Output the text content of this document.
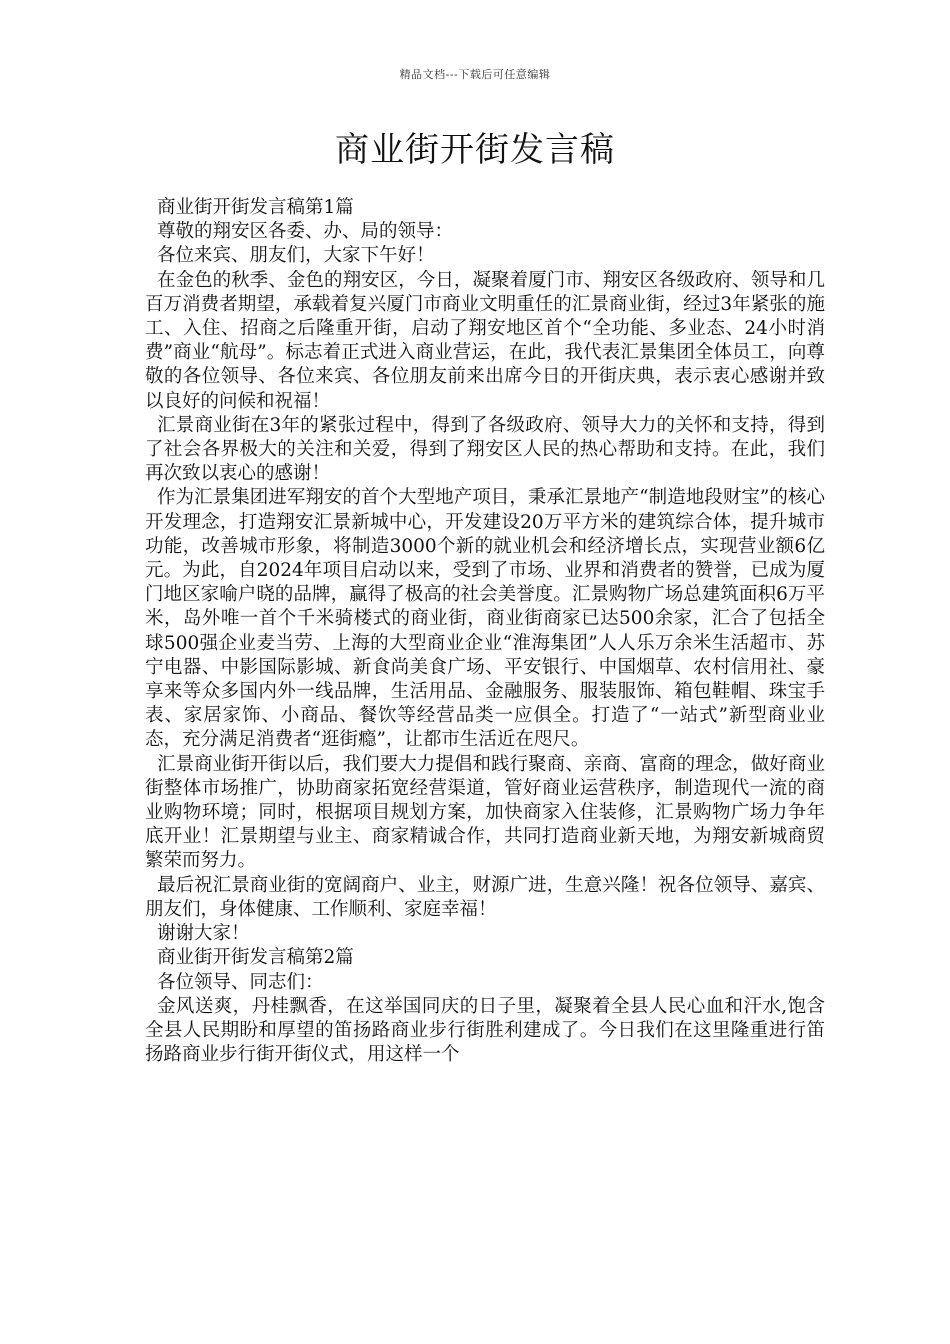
精品文档---下载后可任意编辑
商业街开街发言稿

商业街开街发言稿第1篇

尊敬的翔安区各委、办、局的领导：

各位来宾、朋友们，大家下午好！

在金色的秋季、金色的翔安区，今日，凝聚着厦门市、翔安区各级政府、领导和几百万消费者期望，承载着复兴厦门市商业文明重任的汇景商业街，经过3年紧张的施工、入住、招商之后隆重开街，启动了翔安地区首个“全功能、多业态、24小时消费”商业“航母”。标志着正式进入商业营运，在此，我代表汇景集团全体员工，向尊敬的各位领导、各位来宾、各位朋友前来出席今日的开街庆典，表示衷心感谢并致以良好的问候和祝福！

汇景商业街在3年的紧张过程中，得到了各级政府、领导大力的关怀和支持，得到了社会各界极大的关注和关爱，得到了翔安区人民的热心帮助和支持。在此，我们再次致以衷心的感谢！

作为汇景集团进军翔安的首个大型地产项目，秉承汇景地产“制造地段财宝”的核心开发理念，打造翔安汇景新城中心，开发建设20万平方米的建筑综合体，提升城市功能，改善城市形象，将制造3000个新的就业机会和经济增长点，实现营业额6亿元。为此，自2024年项目启动以来，受到了市场、业界和消费者的赞誉，已成为厦门地区家喻户晓的品牌，赢得了极高的社会美誉度。汇景购物广场总建筑面积6万平米，岛外唯一首个千米骑楼式的商业街，商业街商家已达500余家，汇合了包括全球500强企业麦当劳、上海的大型商业企业“淮海集团”人人乐万余米生活超市、苏宁电器、中影国际影城、新食尚美食广场、平安银行、中国烟草、农村信用社、豪享来等众多国内外一线品牌，生活用品、金融服务、服装服饰、箱包鞋帽、珠宝手表、家居家饰、小商品、餐饮等经营品类一应俱全。打造了“一站式”新型商业业态，充分满足消费者“逛街瘾”，让都市生活近在咫尺。

汇景商业街开街以后，我们要大力提倡和践行聚商、亲商、富商的理念，做好商业街整体市场推广，协助商家拓宽经营渠道，管好商业运营秩序，制造现代一流的商业购物环境；同时，根据项目规划方案，加快商家入住装修，汇景购物广场力争年底开业！汇景期望与业主、商家精诚合作，共同打造商业新天地，为翔安新城商贸繁荣而努力。

最后祝汇景商业街的宽阔商户、业主，财源广进，生意兴隆！祝各位领导、嘉宾、朋友们，身体健康、工作顺利、家庭幸福！

谢谢大家！

商业街开街发言稿第2篇

各位领导、同志们：

金风送爽，丹桂飘香，在这举国同庆的日子里，凝聚着全县人民心血和汗水,饱含全县人民期盼和厚望的笛扬路商业步行街胜利建成了。今日我们在这里隆重进行笛扬路商业步行街开街仪式，用这样一个
